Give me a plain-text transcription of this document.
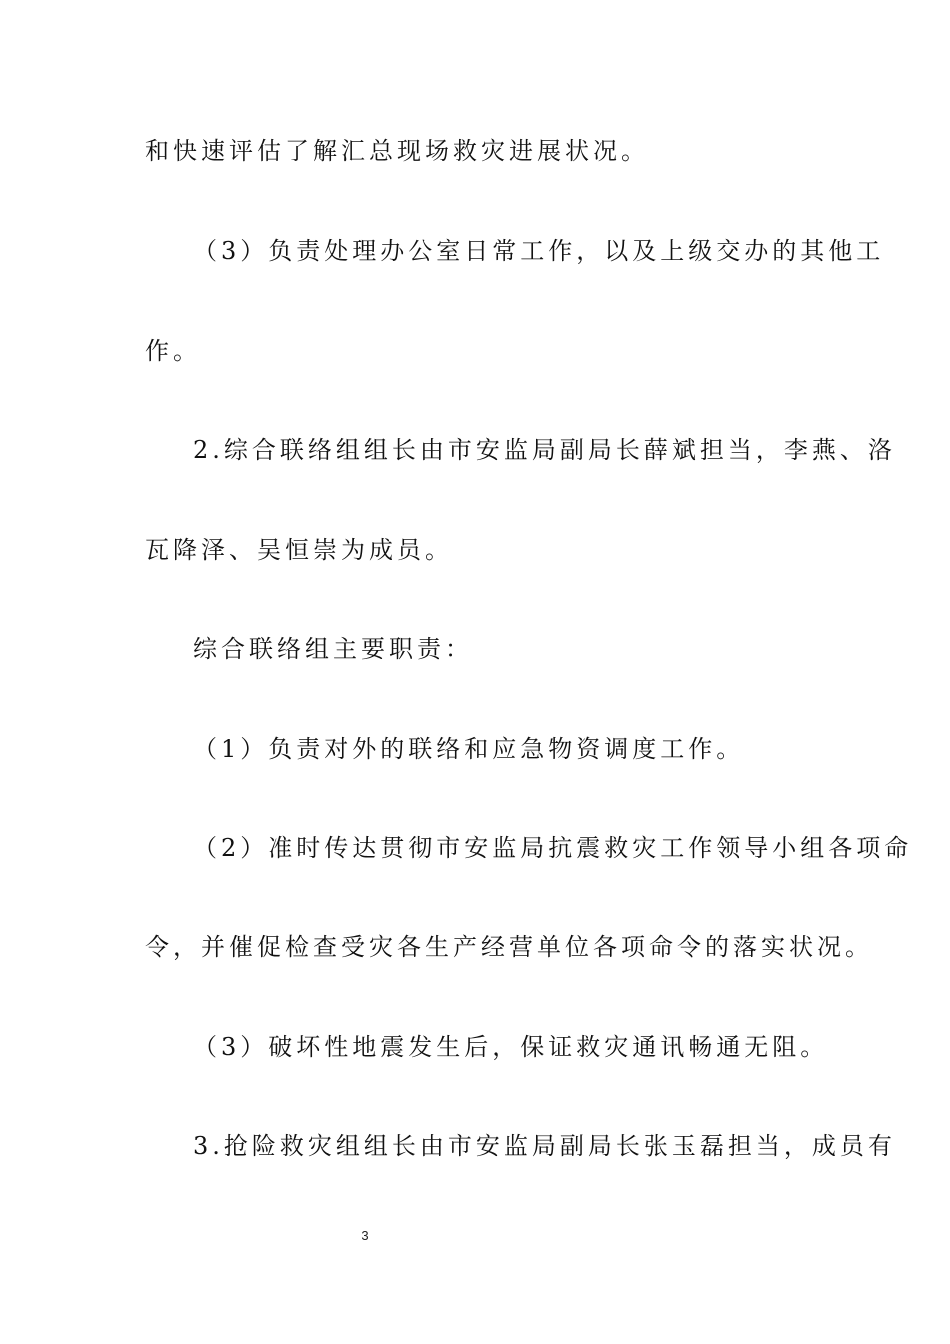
和快速评估了解汇总现场救灾进展状况。
（3）负责处理办公室日常工作，以及上级交办的其他工
作。
2.综合联络组组长由市安监局副局长薛斌担当，李燕、洛
瓦降泽、吴恒崇为成员。
综合联络组主要职责：
（1）负责对外的联络和应急物资调度工作。
（2）准时传达贯彻市安监局抗震救灾工作领导小组各项命
令，并催促检查受灾各生产经营单位各项命令的落实状况。
（3）破坏性地震发生后，保证救灾通讯畅通无阻。
3.抢险救灾组组长由市安监局副局长张玉磊担当，成员有
3
